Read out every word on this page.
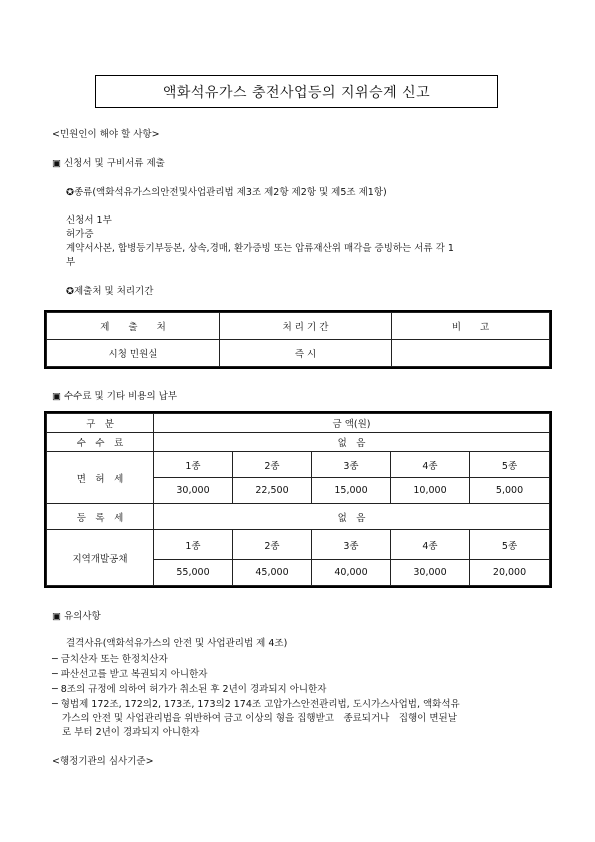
액화석유가스 충전사업등의 지위승계 신고
<민원인이 해야 할 사항>
▣ 신청서 및 구비서류 제출
✪종류(액화석유가스의안전및사업관리법 제3조 제2항 제2항 및 제5조 제1항)
신청서 1부
허가증
계약서사본, 합병등기부등본, 상속,경매, 환가증빙 또는 압류재산위 매각을 증빙하는 서류 각 1
부
✪제출처 및 처리기간
제　　출　　처	처 리 기 간	비　　고
시청 민원실	즉 시	
▣ 수수료 및 기타 비용의 납부
구　분	금 액(원)				
수　수　료	없　음				
면　허　세	1종	2종	3종	4종	5종
	30,000	22,500	15,000	10,000	5,000
등　록　세	없　음				
지역개발공채	1종	2종	3종	4종	5종
	55,000	45,000	40,000	30,000	20,000
▣ 유의사항
결격사유(액화석유가스의 안전 및 사업관리법 제 4조)
─ 금치산자 또는 한정치산자
─ 파산선고를 받고 복권되지 아니한자
─ 8조의 규정에 의하여 허가가 취소된 후 2년이 경과되지 아니한자
─ 형법제 172조, 172의2, 173조, 173의2 174조 고압가스안전관리법, 도시가스사업법, 액화석유
가스의 안전 및 사업관리법을 위반하여 금고 이상의 형을 집행받고　종료되거나　집행이 면된날
로 부터 2년이 경과되지 아니한자
<행정기관의 심사기준>
